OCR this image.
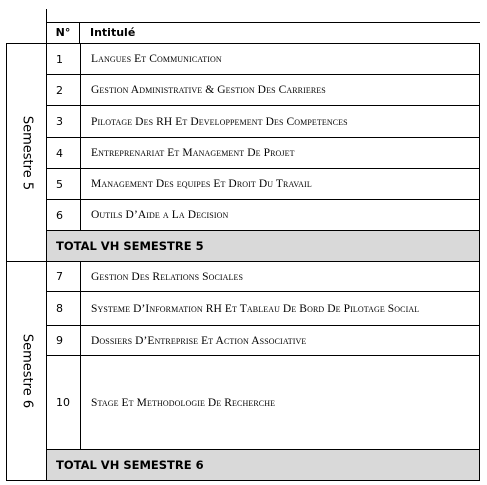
N°	Intitulé
Semestre 5
1	Langues Et Communication
2	Gestion Administrative & Gestion Des Carrieres
3	Pilotage Des RH Et Developpement Des Competences
4	Entreprenariat Et Management De Projet
5	Management Des equipes Et Droit Du Travail
6	Outils D’Aide a La Decision
TOTAL VH SEMESTRE 5
Semestre 6
7	Gestion Des Relations Sociales
8	Systeme D’Information RH Et Tableau De Bord De Pilotage Social
9	Dossiers D’Entreprise Et Action Associative
10	Stage Et Methodologie De Recherche
TOTAL VH SEMESTRE 6
